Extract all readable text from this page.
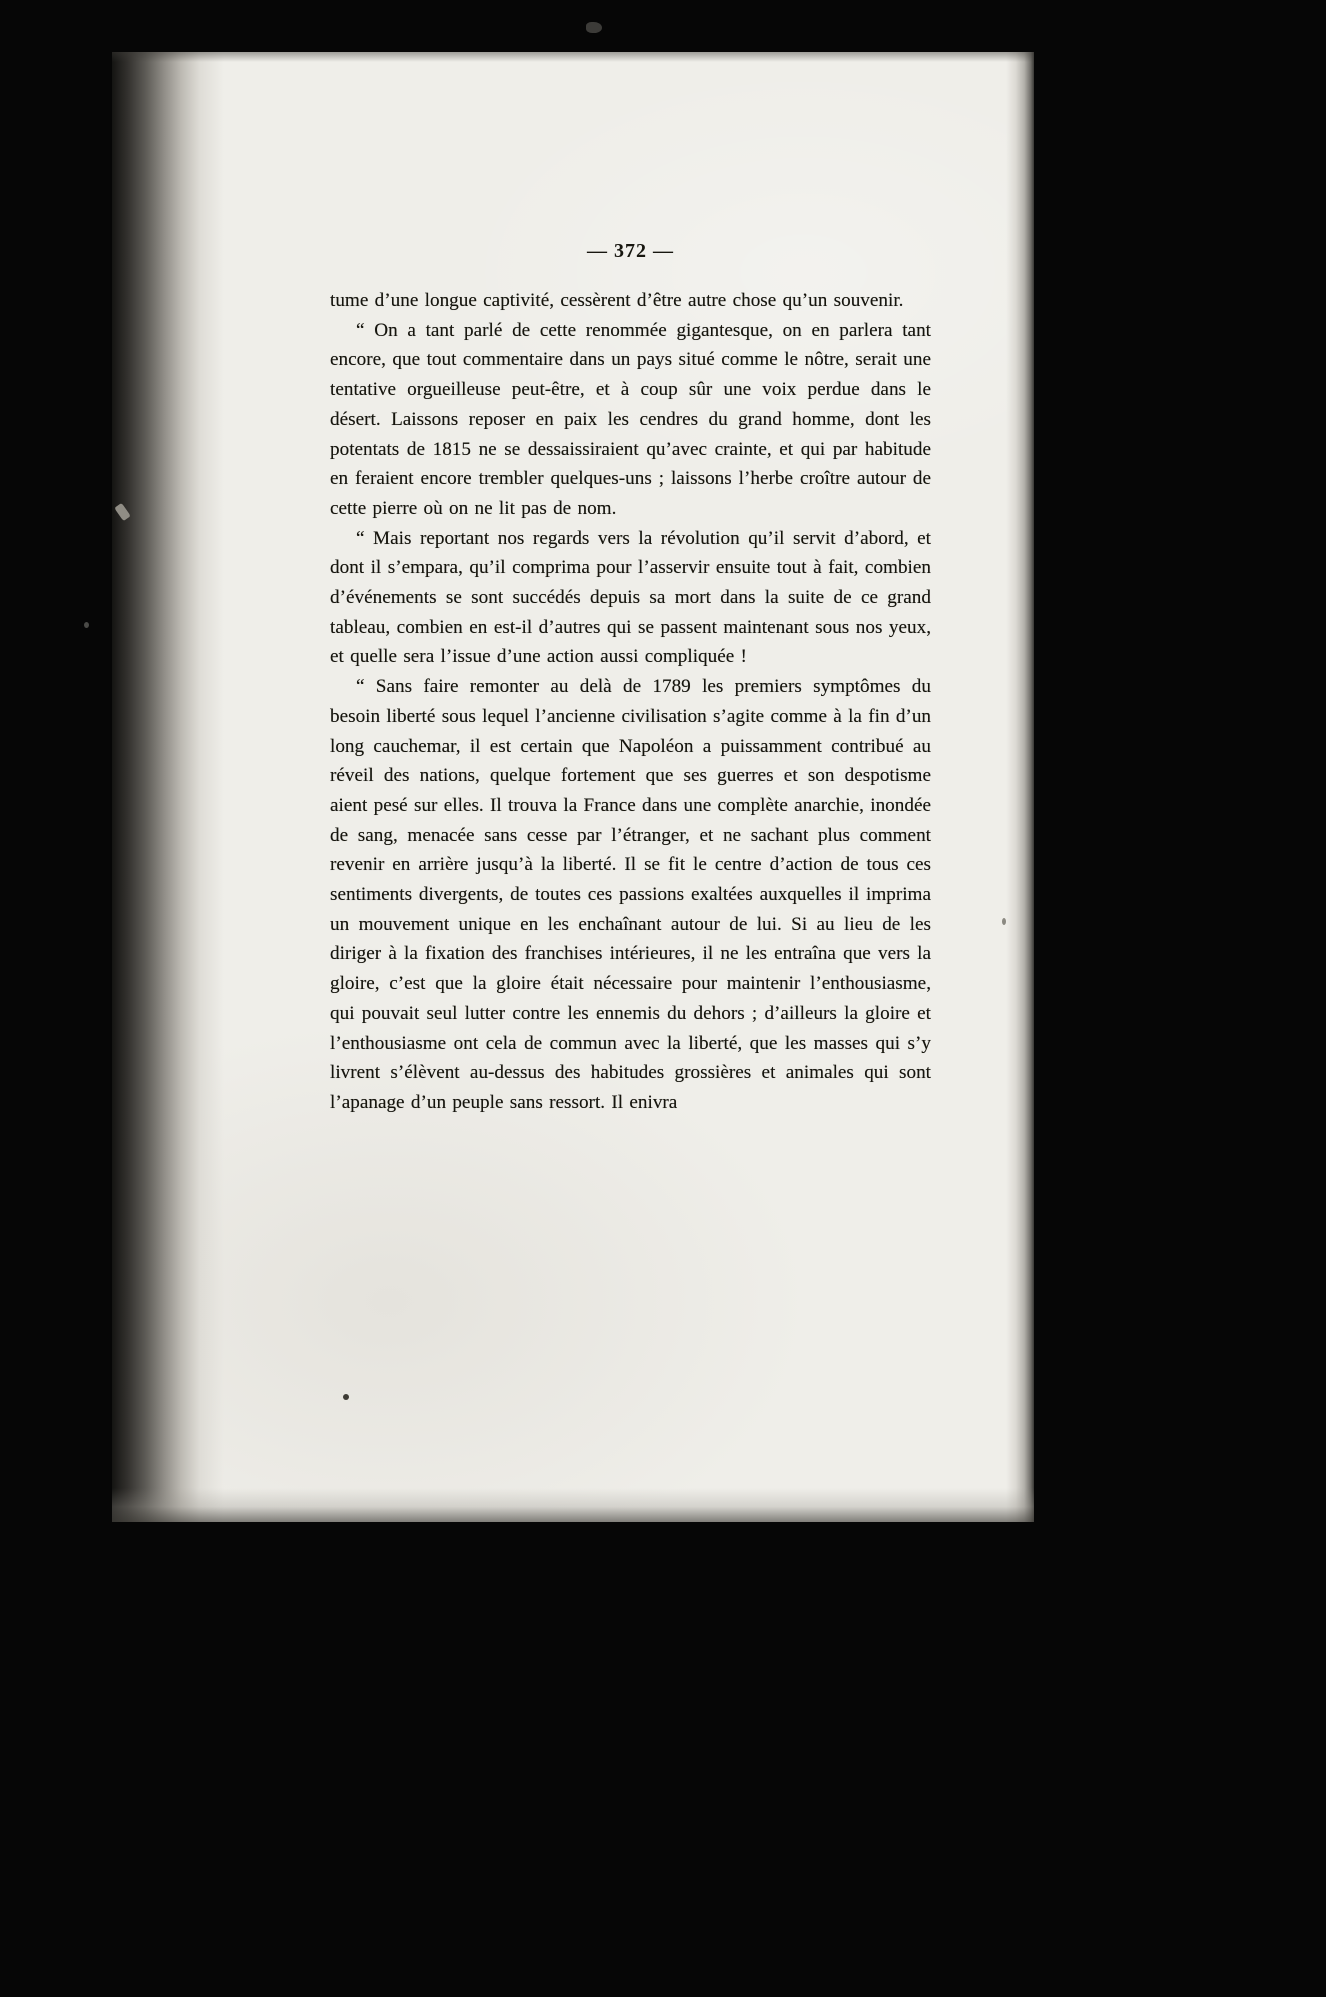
— 372 —

tume d’une longue captivité, cessèrent d’être autre chose qu’un souvenir.

“ On a tant parlé de cette renommée gigantesque, on en parlera tant encore, que tout commentaire dans un pays situé comme le nôtre, serait une tentative orgueilleuse peut-être, et à coup sûr une voix perdue dans le désert. Laissons reposer en paix les cendres du grand homme, dont les potentats de 1815 ne se dessaissiraient qu’avec crainte, et qui par habitude en feraient encore trembler quelques-uns ; laissons l’herbe croître autour de cette pierre où on ne lit pas de nom.

“ Mais reportant nos regards vers la révolution qu’il servit d’abord, et dont il s’empara, qu’il comprima pour l’asservir ensuite tout à fait, combien d’événements se sont succédés depuis sa mort dans la suite de ce grand tableau, combien en est-il d’autres qui se passent maintenant sous nos yeux, et quelle sera l’issue d’une action aussi compliquée !

“ Sans faire remonter au delà de 1789 les premiers symptômes du besoin liberté sous lequel l’ancienne civilisation s’agite comme à la fin d’un long cauchemar, il est certain que Napoléon a puissamment contribué au réveil des nations, quelque fortement que ses guerres et son despotisme aient pesé sur elles. Il trouva la France dans une complète anarchie, inondée de sang, menacée sans cesse par l’étranger, et ne sachant plus comment revenir en arrière jusqu’à la liberté. Il se fit le centre d’action de tous ces sentiments divergents, de toutes ces passions exaltées auxquelles il imprima un mouvement unique en les enchaînant autour de lui. Si au lieu de les diriger à la fixation des franchises intérieures, il ne les entraîna que vers la gloire, c’est que la gloire était nécessaire pour maintenir l’enthousiasme, qui pouvait seul lutter contre les ennemis du dehors ; d’ailleurs la gloire et l’enthousiasme ont cela de commun avec la liberté, que les masses qui s’y livrent s’élèvent au-dessus des habitudes grossières et animales qui sont l’apanage d’un peuple sans ressort. Il enivra
